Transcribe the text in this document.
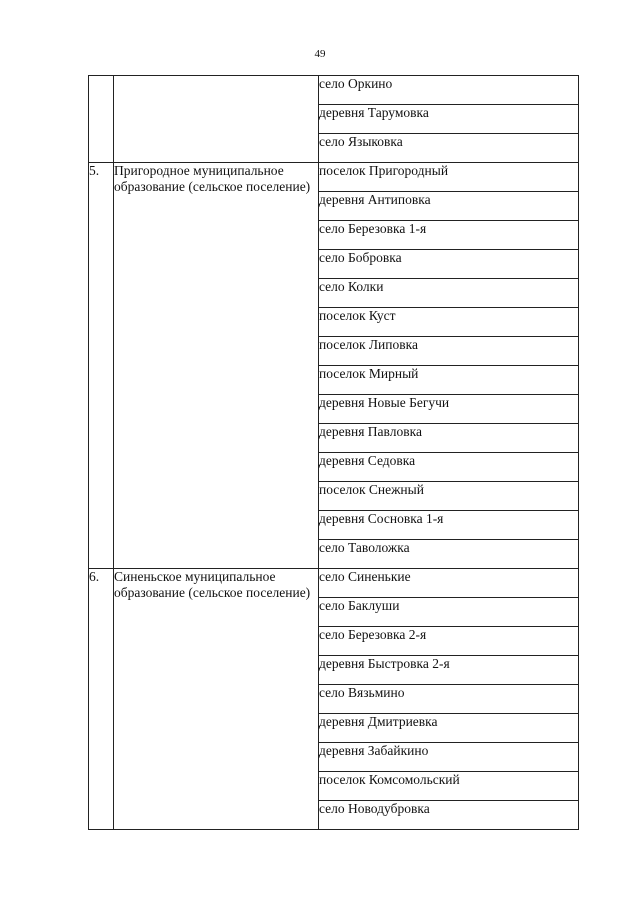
49

		село Оркино

		деревня Тарумовка

		село Языковка

5.	Пригородное муниципальное образование (сельское поселение)	поселок Пригородный

		деревня Антиповка

		село Березовка 1-я

		село Бобровка

		село Колки

		поселок Куст

		поселок Липовка

		поселок Мирный

		деревня Новые Бегучи

		деревня Павловка

		деревня Седовка

		поселок Снежный

		деревня Сосновка 1-я

		село Таволожка

6.	Синеньское муниципальное образование (сельское поселение)	село Синенькие

		село Баклуши

		село Березовка 2-я

		деревня Быстровка 2-я

		село Вязьмино

		деревня Дмитриевка

		деревня Забайкино

		поселок Комсомольский

		село Новодубровка
